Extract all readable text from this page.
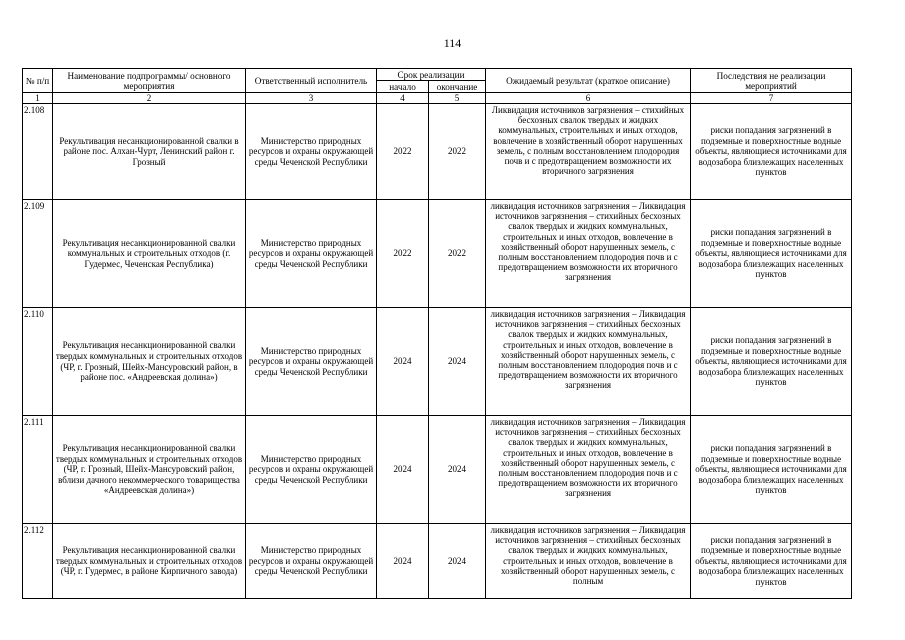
114
№ п/п	Наименование подпрограммы/ основного мероприятия	Ответственный исполнитель	Срок реализации		Ожидаемый результат (краткое описание)	Последствия не реализации мероприятий
			начало	окончание		
1	2	3	4	5	6	7
2.108	Рекультивация несанкционированной свалки в районе пос. Алхан-Чурт, Ленинский район г. Грозный	Министерство природных ресурсов и охраны окружающей среды Чеченской Республики	2022	2022	Ликвидация источников загрязнения – стихийных бесхозных свалок твердых и жидких коммунальных, строительных и иных отходов, вовлечение в хозяйственный оборот нарушенных земель, с полным восстановлением плодородия почв и с предотвращением возможности их вторичного загрязнения	риски попадания загрязнений в подземные и поверхностные водные объекты, являющиеся источниками для водозабора близлежащих населенных пунктов
2.109	Рекультивация несанкционированной свалки коммунальных и строительных отходов (г. Гудермес, Чеченская Республика)	Министерство природных ресурсов и охраны окружающей среды Чеченской Республики	2022	2022	ликвидация источников загрязнения – Ликвидация источников загрязнения – стихийных бесхозных свалок твердых и жидких коммунальных, строительных и иных отходов, вовлечение в хозяйственный оборот нарушенных земель, с полным восстановлением плодородия почв и с предотвращением возможности их вторичного загрязнения	риски попадания загрязнений в подземные и поверхностные водные объекты, являющиеся источниками для водозабора близлежащих населенных пунктов
2.110	Рекультивация несанкционированной свалки твердых коммунальных и строительных отходов (ЧР, г. Грозный, Шейх-Мансуровский район, в районе пос. «Андреевская долина»)	Министерство природных ресурсов и охраны окружающей среды Чеченской Республики	2024	2024	ликвидация источников загрязнения – Ликвидация источников загрязнения – стихийных бесхозных свалок твердых и жидких коммунальных, строительных и иных отходов, вовлечение в хозяйственный оборот нарушенных земель, с полным восстановлением плодородия почв и с предотвращением возможности их вторичного загрязнения	риски попадания загрязнений в подземные и поверхностные водные объекты, являющиеся источниками для водозабора близлежащих населенных пунктов
2.111	Рекультивация несанкционированной свалки твердых коммунальных и строительных отходов (ЧР, г. Грозный, Шейх-Мансуровский район, вблизи дачного некоммерческого товарищества «Андреевская долина»)	Министерство природных ресурсов и охраны окружающей среды Чеченской Республики	2024	2024	ликвидация источников загрязнения – Ликвидация источников загрязнения – стихийных бесхозных свалок твердых и жидких коммунальных, строительных и иных отходов, вовлечение в хозяйственный оборот нарушенных земель, с полным восстановлением плодородия почв и с предотвращением возможности их вторичного загрязнения	риски попадания загрязнений в подземные и поверхностные водные объекты, являющиеся источниками для водозабора близлежащих населенных пунктов
2.112	Рекультивация несанкционированной свалки твердых коммунальных и строительных отходов (ЧР, г. Гудермес, в районе Кирпичного завода)	Министерство природных ресурсов и охраны окружающей среды Чеченской Республики	2024	2024	ликвидация источников загрязнения – Ликвидация источников загрязнения – стихийных бесхозных свалок твердых и жидких коммунальных, строительных и иных отходов, вовлечение в хозяйственный оборот нарушенных земель, с полным	риски попадания загрязнений в подземные и поверхностные водные объекты, являющиеся источниками для водозабора близлежащих населенных пунктов
